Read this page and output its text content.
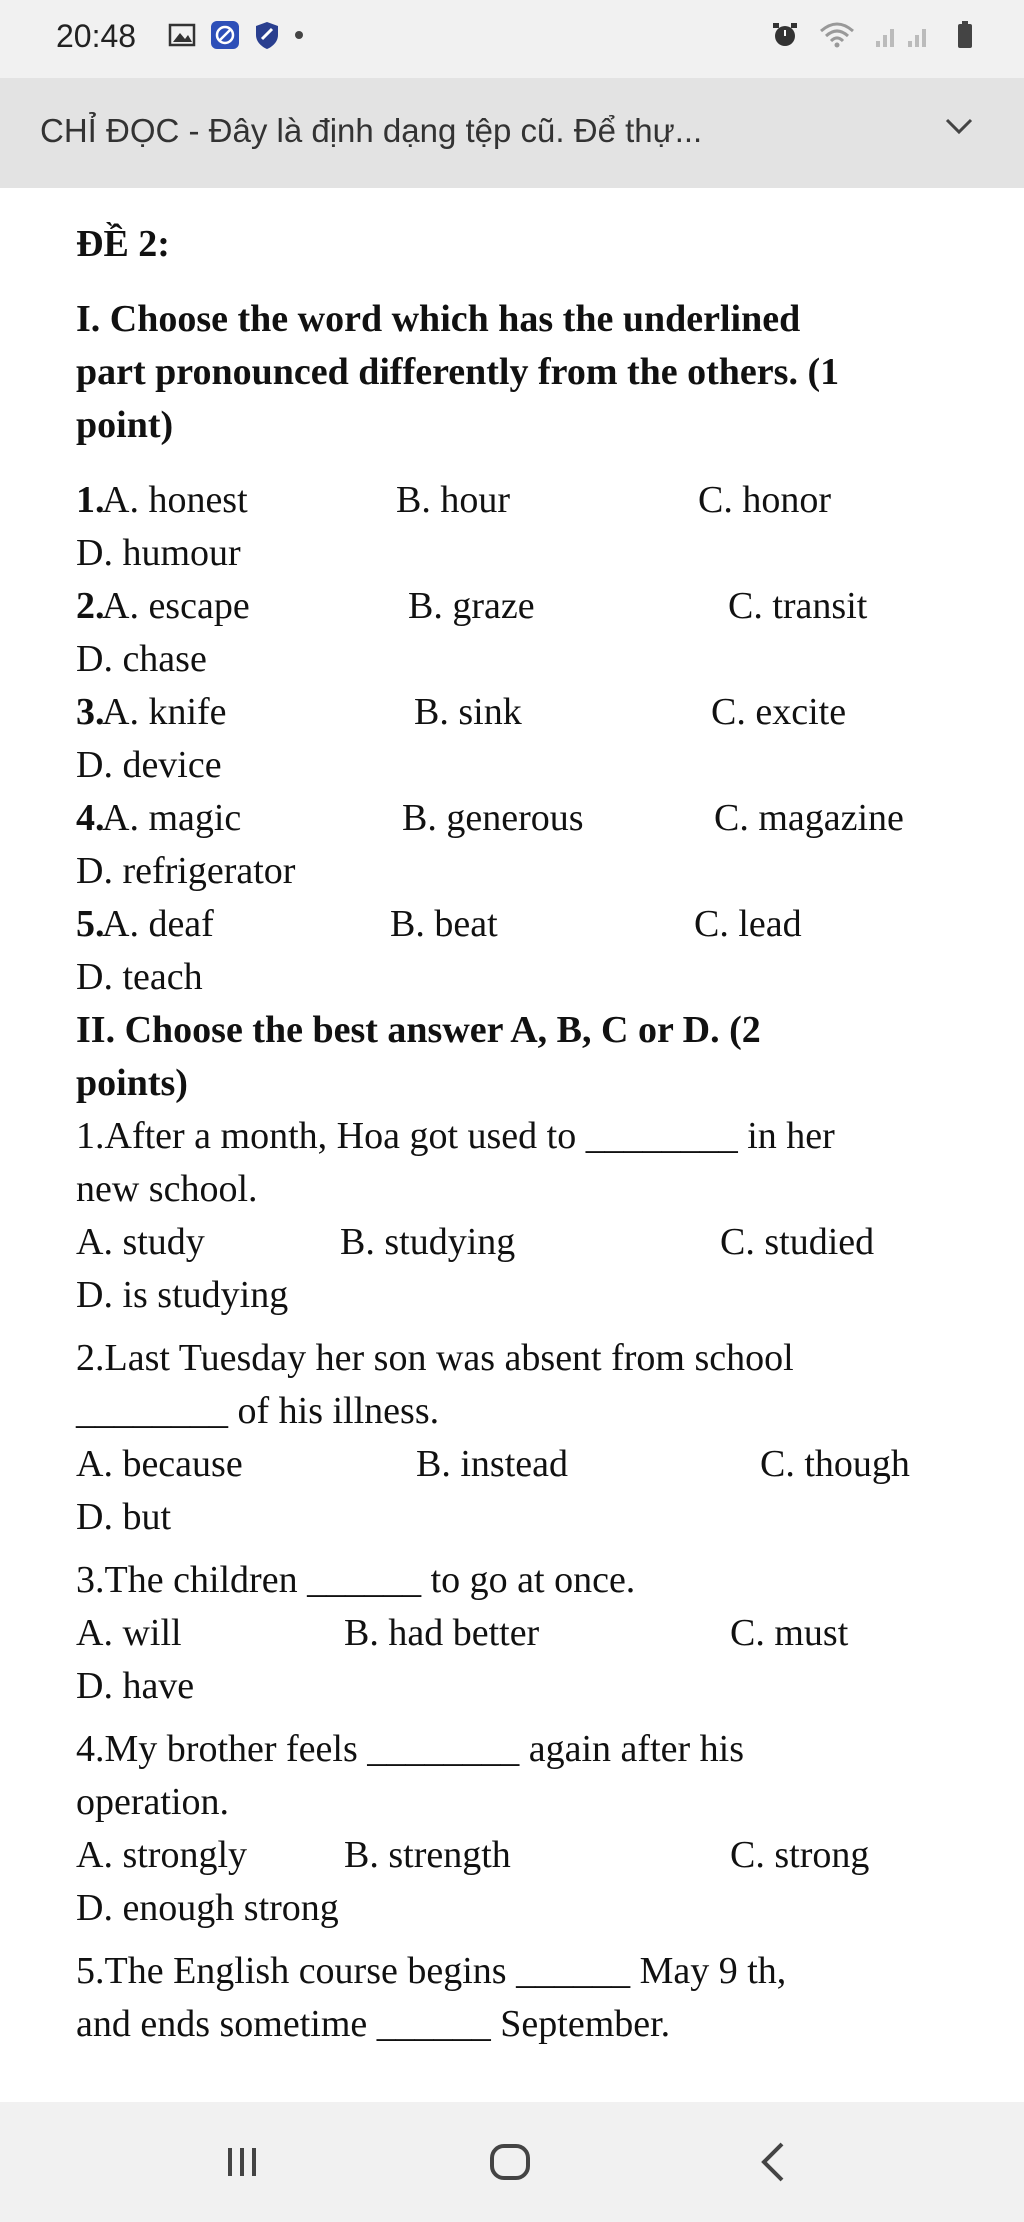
20:48
CHỈ ĐỌC - Đây là định dạng tệp cũ. Để thự...
ĐỀ 2:
I. Choose the word which has the underlined
part pronounced differently from the others. (1
point)
1.
A. honest	B. hour	C. honor
D. humour
2.
A. escape	B. graze	C. transit
D. chase
3.
A. knife	B. sink	C. excite
D. device
4.
A. magic	B. generous	C. magazine
D. refrigerator
5.
A. deaf	B. beat	C. lead
D. teach
II. Choose the best answer A, B, C or D. (2
points)
1.After a month, Hoa got used to
________
in her
new school.
A. study	B. studying	C. studied
D. is studying
2.Last Tuesday her son was absent from school
________
of his illness.
A. because	B. instead	C. though
D. but
3.The children
______
to go at once.
A. will	B. had better	C. must
D. have
4.My brother feels
________
again after his
operation.
A. strongly	B. strength	C. strong
D. enough strong
5.The English course begins
______
May 9 th,
and ends sometime
______
September.
